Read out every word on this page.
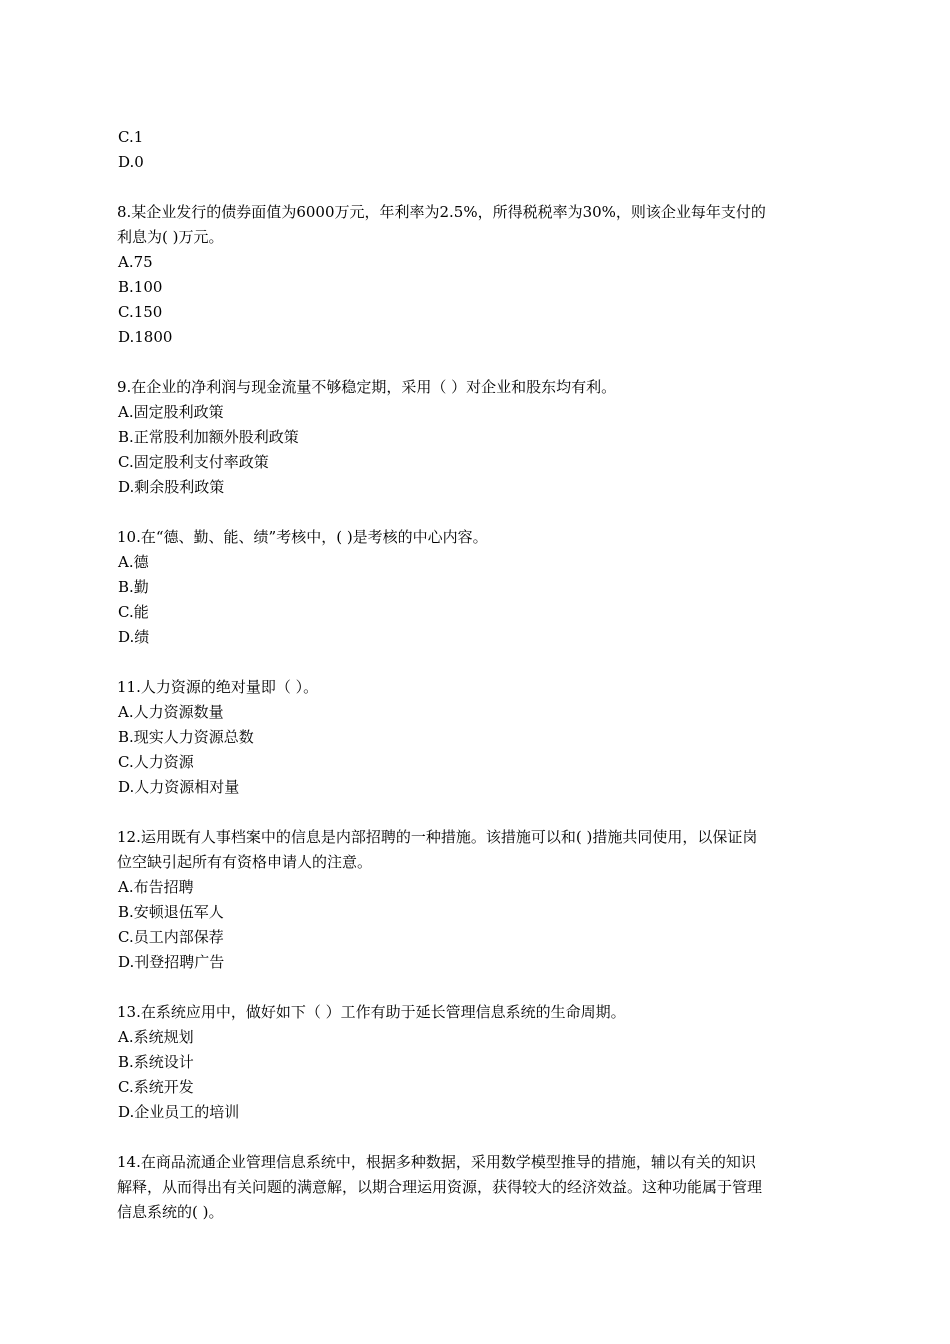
C.1
D.0
8.某企业发行的债券面值为6000万元，年利率为2.5%，所得税税率为30%，则该企业每年支付的
利息为( )万元。
A.75
B.100
C.150
D.1800
9.在企业的净利润与现金流量不够稳定期，采用（ ）对企业和股东均有利。
A.固定股利政策
B.正常股利加额外股利政策
C.固定股利支付率政策
D.剩余股利政策
10.在“德、勤、能、绩”考核中，( )是考核的中心内容。
A.德
B.勤
C.能
D.绩
11.人力资源的绝对量即（ ）。
A.人力资源数量
B.现实人力资源总数
C.人力资源
D.人力资源相对量
12.运用既有人事档案中的信息是内部招聘的一种措施。该措施可以和( )措施共同使用，以保证岗
位空缺引起所有有资格申请人的注意。
A.布告招聘
B.安顿退伍军人
C.员工内部保荐
D.刊登招聘广告
13.在系统应用中，做好如下（ ）工作有助于延长管理信息系统的生命周期。
A.系统规划
B.系统设计
C.系统开发
D.企业员工的培训
14.在商品流通企业管理信息系统中，根据多种数据，采用数学模型推导的措施，辅以有关的知识
解释，从而得出有关问题的满意解，以期合理运用资源，获得较大的经济效益。这种功能属于管理
信息系统的( )。
